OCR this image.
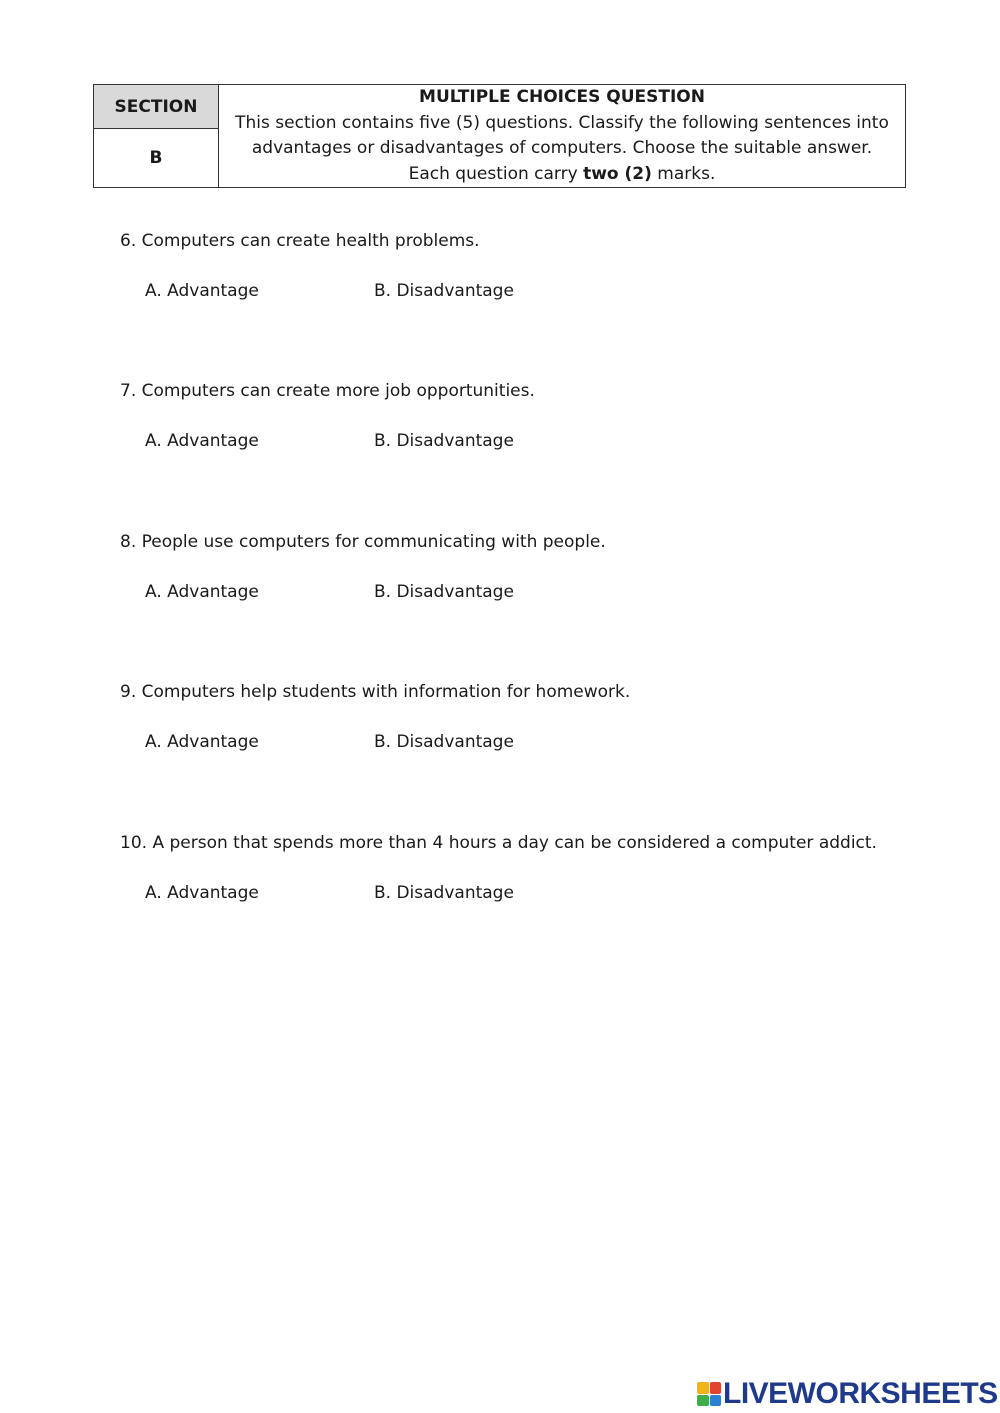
SECTION
B
MULTIPLE CHOICES QUESTION
This section contains five (5) questions. Classify the following sentences into
advantages or disadvantages of computers. Choose the suitable answer.
Each question carry two (2) marks.
6. Computers can create health problems.
A. Advantage	B. Disadvantage
7. Computers can create more job opportunities.
A. Advantage	B. Disadvantage
8. People use computers for communicating with people.
A. Advantage	B. Disadvantage
9. Computers help students with information for homework.
A. Advantage	B. Disadvantage
10. A person that spends more than 4 hours a day can be considered a computer addict.
A. Advantage	B. Disadvantage
LIVEWORKSHEETS
